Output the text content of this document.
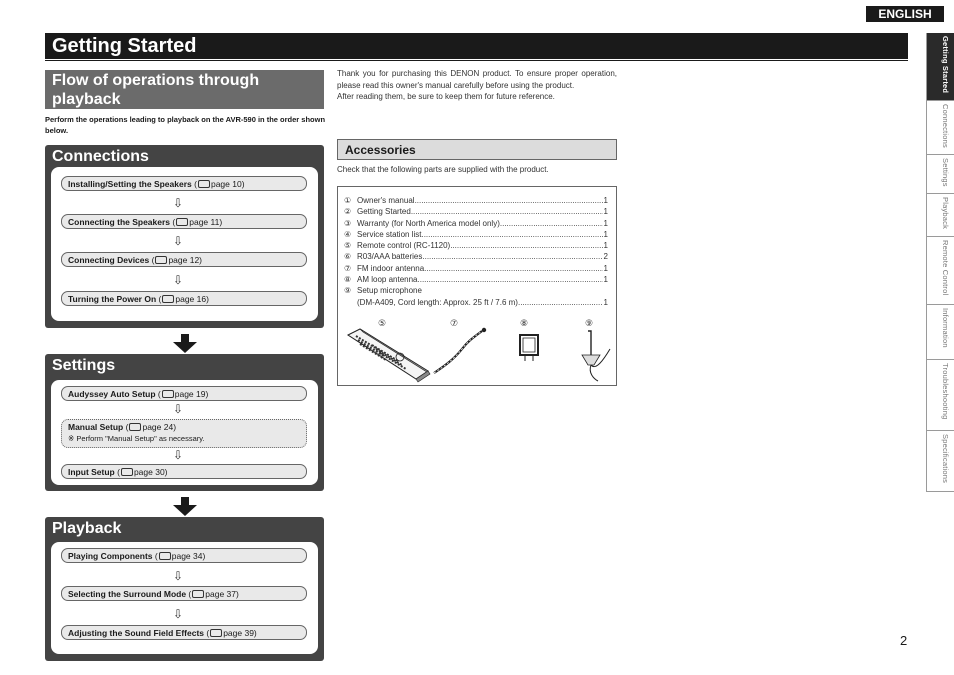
ENGLISH
Getting Started	Getting Started
Connections
Settings
Playback
Remote Control
Information
Troubleshooting
Specifications
Flow of operations through playback
Perform the operations leading to playback on the AVR-590 in the order shown below.
Connections
Installing/Setting the Speakers ( page 10)
⇩
Connecting the Speakers ( page 11)
⇩
Connecting Devices ( page 12)
⇩
Turning the Power On ( page 16)
Settings
Audyssey Auto Setup ( page 19)
⇩
Manual Setup ( page 24)
※ Perform "Manual Setup" as necessary.
⇩
Input Setup ( page 30)
Playback
Playing Components ( page 34)
⇩
Selecting the Surround Mode ( page 37)
⇩
Adjusting the Sound Field Effects ( page 39)

Thank you for purchasing this DENON product. To ensure proper operation, please read this owner's manual carefully before using the product.

After reading them, be sure to keep them for future reference.

Accessories
Check that the following parts are supplied with the product.
① Owner's manual .....	1
② Getting Started .....	1
③ Warranty (for North America model only) .....	1
④ Service station list .....	1
⑤ Remote control (RC-1120) .....	1
⑥ R03/AAA batteries .....	2
⑦ FM indoor antenna .....	1
⑧ AM loop antenna .....	1
⑨ Setup microphone
(DM-A409, Cord length: Approx. 25 ft / 7.6 m) .....	1
⑤	⑦	⑧	⑨
2
